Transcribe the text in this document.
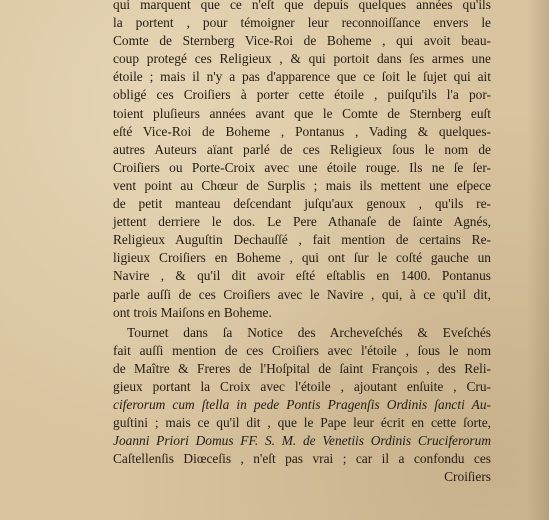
qui marquent que ce n'eſt que depuis quelques années qu'ils
la portent , pour témoigner leur reconnoiſſance envers le
Comte de Sternberg Vice-Roi de Boheme , qui avoit beau-
coup protegé ces Religieux , & qui portoit dans ſes armes une
étoile ; mais il n'y a pas d'apparence que ce ſoit le ſujet qui ait
obligé ces Croiſiers à porter cette étoile , puiſqu'ils l'a por-
toient pluſieurs années avant que le Comte de Sternberg euſt
eſté Vice-Roi de Boheme , Pontanus , Vading & quelques-
autres Auteurs aïant parlé de ces Religieux ſous le nom de
Croiſiers ou Porte-Croix avec une étoile rouge. Ils ne ſe ſer-
vent point au Chœur de Surplis ; mais ils mettent une eſpece
de petit manteau deſcendant juſqu'aux genoux , qu'ils re-
jettent derriere le dos. Le Pere Athanaſe de ſainte Agnés,
Religieux Auguſtin Dechauſſé , fait mention de certains Re-
ligieux Croiſiers en Boheme , qui ont ſur le coſté gauche un
Navire , & qu'il dit avoir eſté eſtablis en 1400. Pontanus
parle auſſi de ces Croiſiers avec le Navire , qui, à ce qu'il dit,
ont trois Maiſons en Boheme.
Tournet dans ſa Notice des Archeveſchés & Eveſchés
fait auſſi mention de ces Croiſiers avec l'étoile , ſous le nom
de Maître & Freres de l'Hoſpital de ſaint François , des Reli-
gieux portant la Croix avec l'étoile , ajoutant enſuite , Cru-
ciferorum cum ſtella in pede Pontis Pragenſis Ordinis ſancti Au-
guſtini ; mais ce qu'il dit , que le Pape leur écrit en cette ſorte,
Joanni Priori Domus FF. S. M. de Venetiis Ordinis Cruciferorum
Caſtellenſis Diœceſis , n'eſt pas vrai ; car il a confondu ces
Croiſiers
